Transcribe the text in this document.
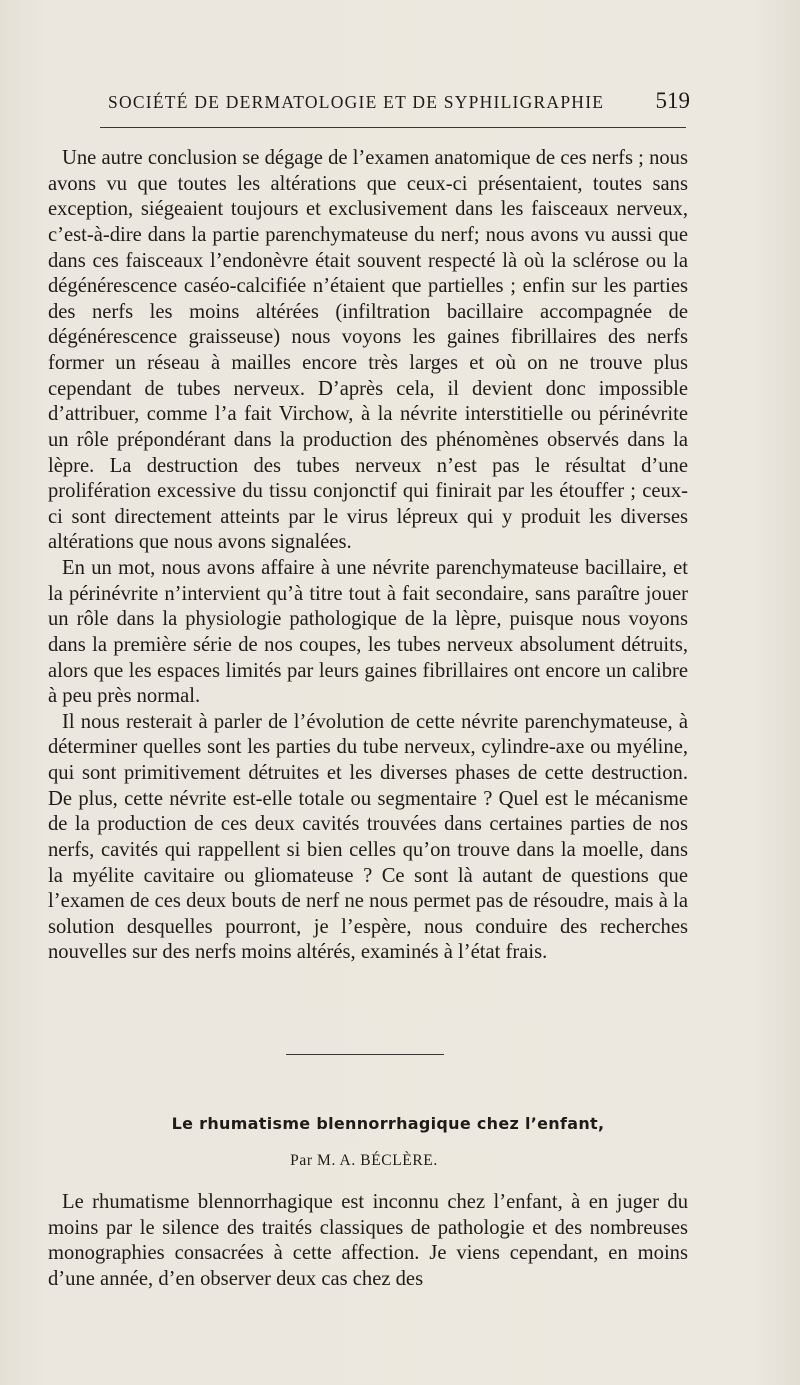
SOCIÉTÉ DE DERMATOLOGIE ET DE SYPHILIGRAPHIE 519

Une autre conclusion se dégage de l’examen anatomique de ces nerfs ; nous avons vu que toutes les altérations que ceux-ci présentaient, toutes sans exception, siégeaient toujours et exclusivement dans les faisceaux nerveux, c’est-à-dire dans la partie parenchymateuse du nerf; nous avons vu aussi que dans ces faisceaux l’endonèvre était souvent respecté là où la sclérose ou la dégénérescence caséo-calcifiée n’étaient que partielles ; enfin sur les parties des nerfs les moins altérées (infiltration bacillaire accompagnée de dégénérescence graisseuse) nous voyons les gaines fibrillaires des nerfs former un réseau à mailles encore très larges et où on ne trouve plus cependant de tubes nerveux. D’après cela, il devient donc impossible d’attribuer, comme l’a fait Virchow, à la névrite interstitielle ou périnévrite un rôle prépondérant dans la production des phénomènes observés dans la lèpre. La destruction des tubes nerveux n’est pas le résultat d’une prolifération excessive du tissu conjonctif qui finirait par les étouffer ; ceux-ci sont directement atteints par le virus lépreux qui y produit les diverses altérations que nous avons signalées.

En un mot, nous avons affaire à une névrite parenchymateuse bacillaire, et la périnévrite n’intervient qu’à titre tout à fait secondaire, sans paraître jouer un rôle dans la physiologie pathologique de la lèpre, puisque nous voyons dans la première série de nos coupes, les tubes nerveux absolument détruits, alors que les espaces limités par leurs gaines fibrillaires ont encore un calibre à peu près normal.

Il nous resterait à parler de l’évolution de cette névrite parenchymateuse, à déterminer quelles sont les parties du tube nerveux, cylindre-axe ou myéline, qui sont primitivement détruites et les diverses phases de cette destruction. De plus, cette névrite est-elle totale ou segmentaire ? Quel est le mécanisme de la production de ces deux cavités trouvées dans certaines parties de nos nerfs, cavités qui rappellent si bien celles qu’on trouve dans la moelle, dans la myélite cavitaire ou gliomateuse ? Ce sont là autant de questions que l’examen de ces deux bouts de nerf ne nous permet pas de résoudre, mais à la solution desquelles pourront, je l’espère, nous conduire des recherches nouvelles sur des nerfs moins altérés, examinés à l’état frais.

Le rhumatisme blennorrhagique chez l’enfant,
Par M. A. BÉCLÈRE.

Le rhumatisme blennorrhagique est inconnu chez l’enfant, à en juger du moins par le silence des traités classiques de pathologie et des nombreuses monographies consacrées à cette affection. Je viens cependant, en moins d’une année, d’en observer deux cas chez des
